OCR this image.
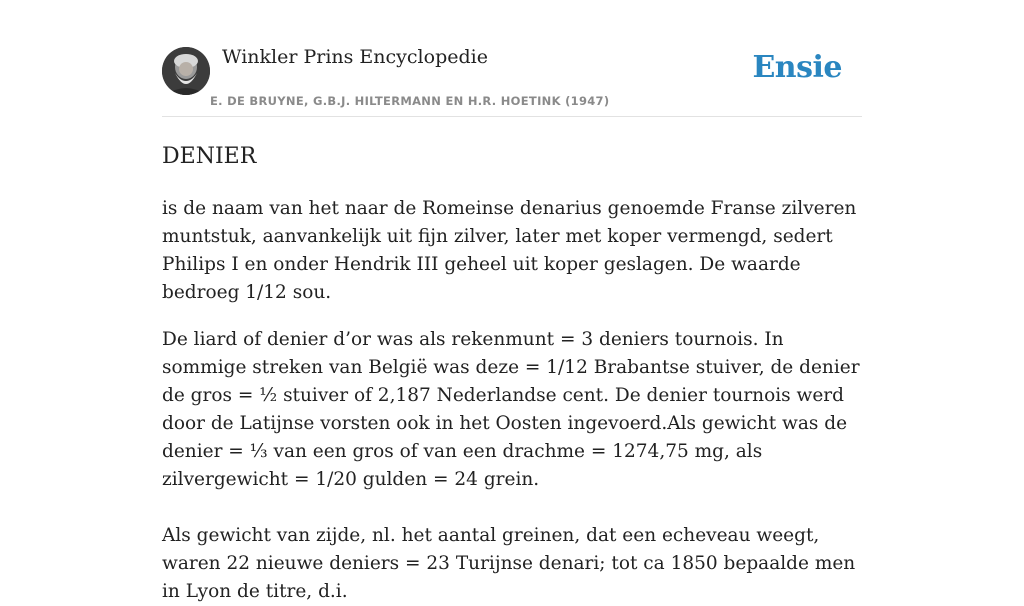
Winkler Prins Encyclopedie
E. DE BRUYNE, G.B.J. HILTERMANN EN H.R. HOETINK (1947)
Ensie
DENIER

is de naam van het naar de Romeinse denarius genoemde Franse zilveren muntstuk, aanvankelijk uit fijn zilver, later met koper vermengd, sedert Philips I en onder Hendrik III geheel uit koper geslagen. De waarde bedroeg 1/12 sou.

De liard of denier d’or was als rekenmunt = 3 deniers tournois. In sommige streken van België was deze = 1/12 Brabantse stuiver, de denier de gros = ½ stuiver of 2,187 Nederlandse cent. De denier tournois werd door de Latijnse vorsten ook in het Oosten ingevoerd.Als gewicht was de denier = ⅓ van een gros of van een drachme = 1274,75 mg, als zilvergewicht = 1/20 gulden = 24 grein.

Als gewicht van zijde, nl. het aantal greinen, dat een echeveau weegt, waren 22 nieuwe deniers = 23 Turijnse denari; tot ca 1850 bepaalde men in Lyon de titre, d.i.
